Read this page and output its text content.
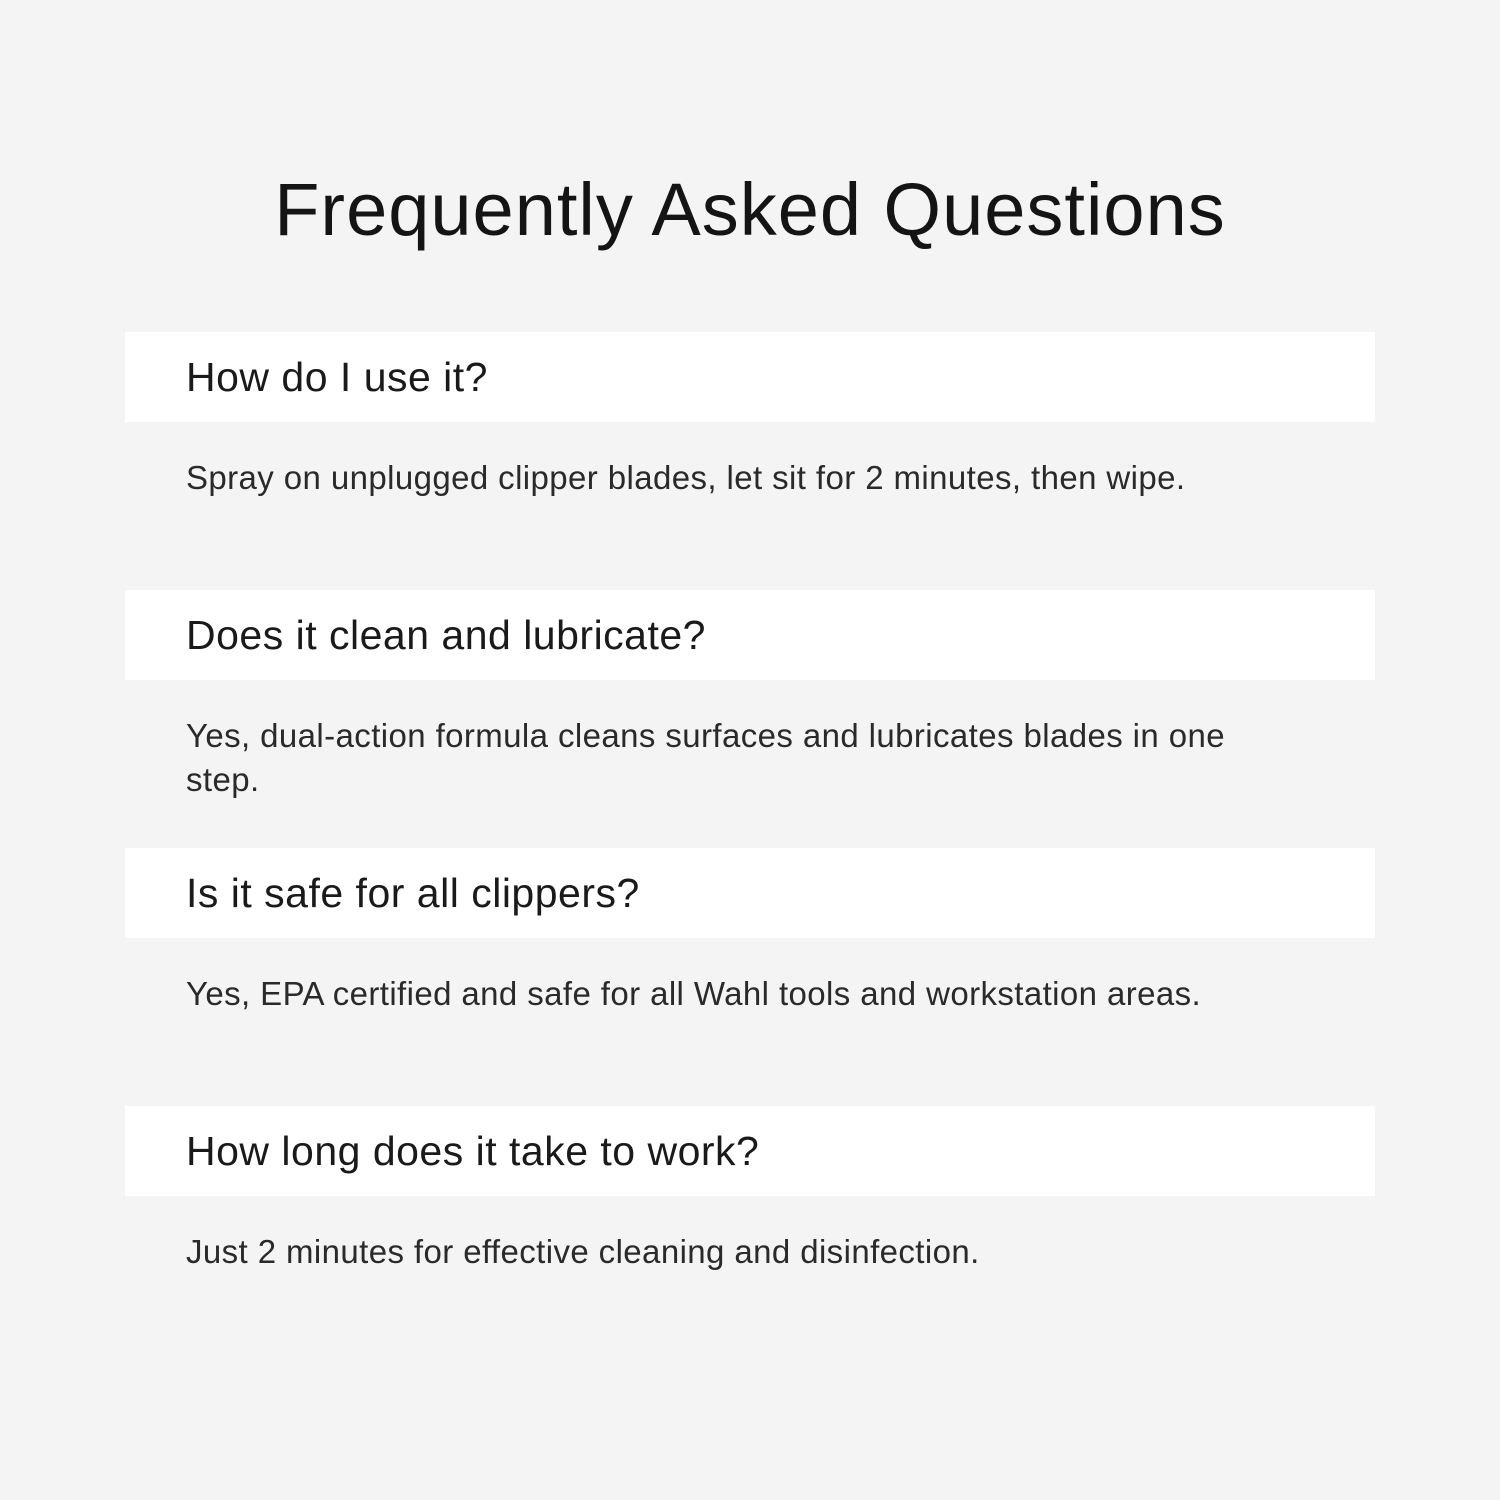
Frequently Asked Questions
How do I use it?
Spray on unplugged clipper blades, let sit for 2 minutes, then wipe.
Does it clean and lubricate?
Yes, dual-action formula cleans surfaces and lubricates blades in one step.
Is it safe for all clippers?
Yes, EPA certified and safe for all Wahl tools and workstation areas.
How long does it take to work?
Just 2 minutes for effective cleaning and disinfection.
